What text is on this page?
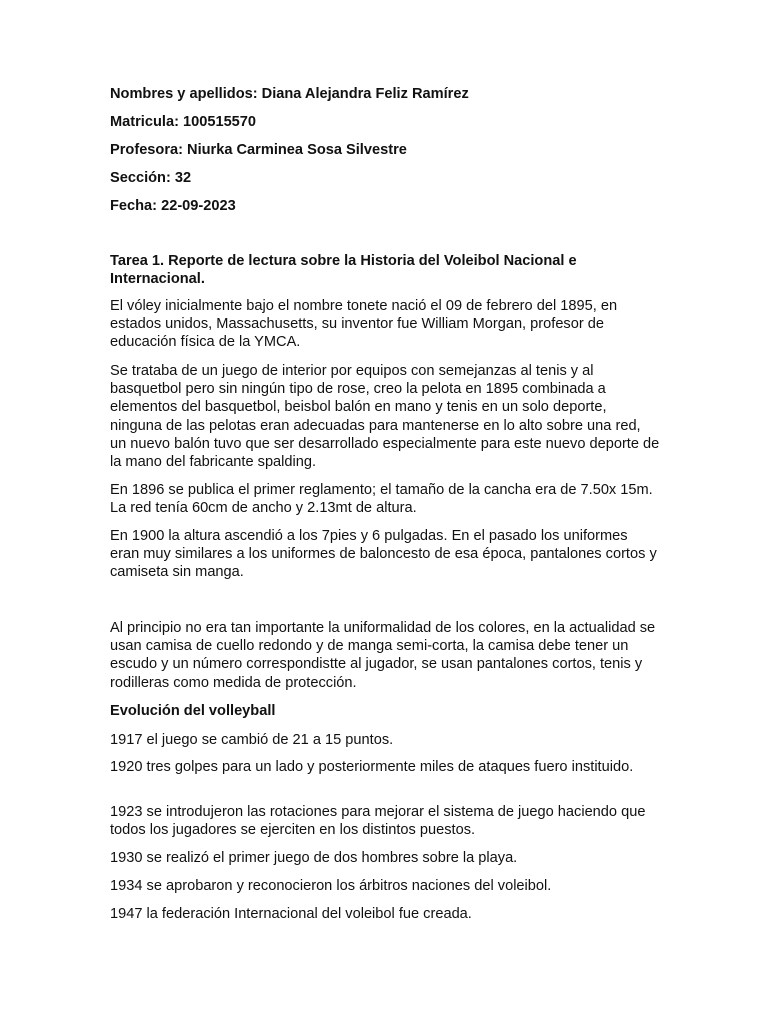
Nombres y apellidos: Diana Alejandra Feliz Ramírez
Matricula: 100515570
Profesora: Niurka Carminea Sosa Silvestre
Sección: 32
Fecha: 22-09-2023
Tarea 1. Reporte de lectura sobre la Historia del Voleibol Nacional e Internacional.
El vóley inicialmente bajo el nombre tonete nació el 09 de febrero del 1895, en estados unidos, Massachusetts, su inventor fue William Morgan, profesor de educación física de la YMCA.
Se trataba de un juego de interior por equipos con semejanzas al tenis y al basquetbol pero sin ningún tipo de rose, creo la pelota en 1895 combinada a elementos del basquetbol, beisbol balón en mano y tenis en un solo deporte, ninguna de las pelotas eran adecuadas para mantenerse en lo alto sobre una red, un nuevo balón tuvo que ser desarrollado especialmente para este nuevo deporte de la mano del fabricante spalding.
En 1896 se publica el primer reglamento; el tamaño de la cancha era de 7.50x 15m. La red tenía 60cm de ancho y 2.13mt de altura.
En 1900 la altura ascendió a los 7pies y 6 pulgadas. En el pasado los uniformes eran muy similares a los uniformes de baloncesto de esa época, pantalones cortos y camiseta sin manga.
Al principio no era tan importante la uniformalidad de los colores, en la actualidad se usan camisa de cuello redondo y de manga semi-corta, la camisa debe tener un escudo y un número correspondistte al jugador, se usan pantalones cortos, tenis y rodilleras como medida de protección.
Evolución del volleyball
1917 el juego se cambió de 21 a 15 puntos.
1920 tres golpes para un lado y posteriormente miles de ataques fuero instituido.
1923 se introdujeron las rotaciones para mejorar el sistema de juego haciendo que todos los jugadores se ejerciten en los distintos puestos.
1930 se realizó el primer juego de dos hombres sobre la playa.
1934 se aprobaron y reconocieron los árbitros naciones del voleibol.
1947 la federación Internacional del voleibol fue creada.
